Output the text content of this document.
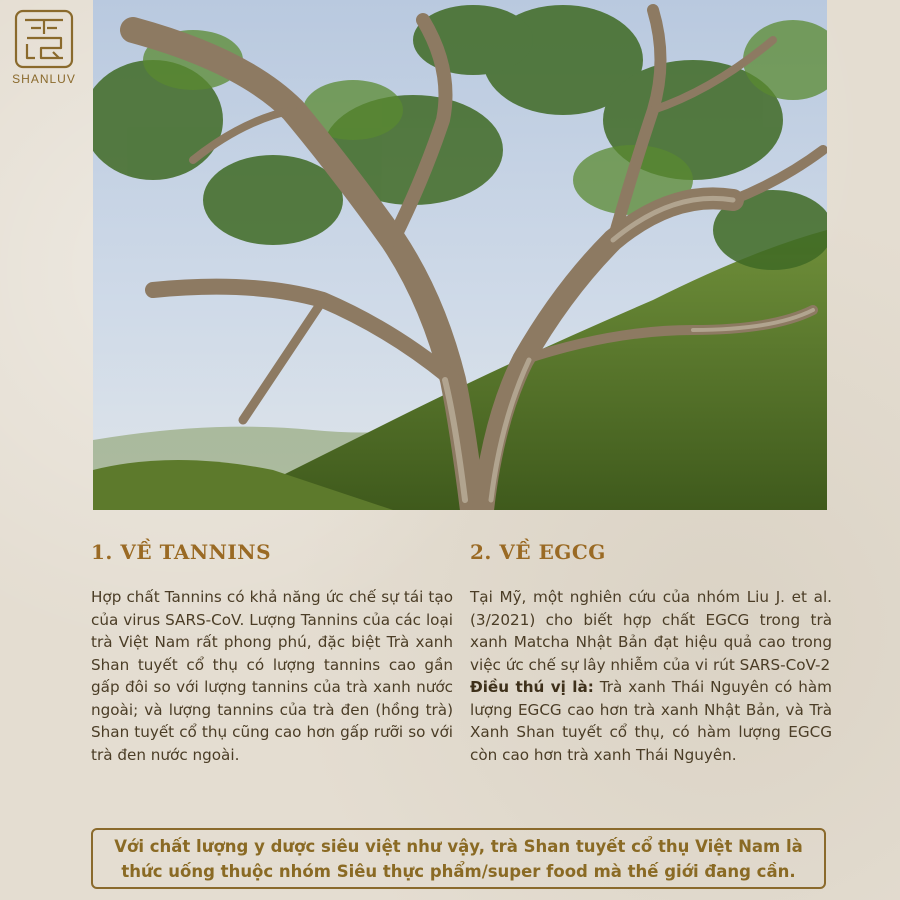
SHANLUV
1. VỀ TANNINS

Hợp chất Tannins có khả năng ức chế sự tái tạo của virus SARS-CoV. Lượng Tannins của các loại trà Việt Nam rất phong phú, đặc biệt Trà xanh Shan tuyết cổ thụ có lượng tannins cao gần gấp đôi so với lượng tannins của trà xanh nước ngoài; và lượng tannins của trà đen (hồng trà) Shan tuyết cổ thụ cũng cao hơn gấp rưỡi so với trà đen nước ngoài.

2. VỀ EGCG

Tại Mỹ, một nghiên cứu của nhóm Liu J. et al. (3/2021) cho biết hợp chất EGCG trong trà xanh Matcha Nhật Bản đạt hiệu quả cao trong việc ức chế sự lây nhiễm của vi rút SARS-CoV-2
Điều thú vị là: Trà xanh Thái Nguyên có hàm lượng EGCG cao hơn trà xanh Nhật Bản, và Trà Xanh Shan tuyết cổ thụ, có hàm lượng EGCG còn cao hơn trà xanh Thái Nguyên.

Với chất lượng y dược siêu việt như vậy, trà Shan tuyết cổ thụ Việt Nam là thức uống thuộc nhóm Siêu thực phẩm/super food mà thế giới đang cần.
